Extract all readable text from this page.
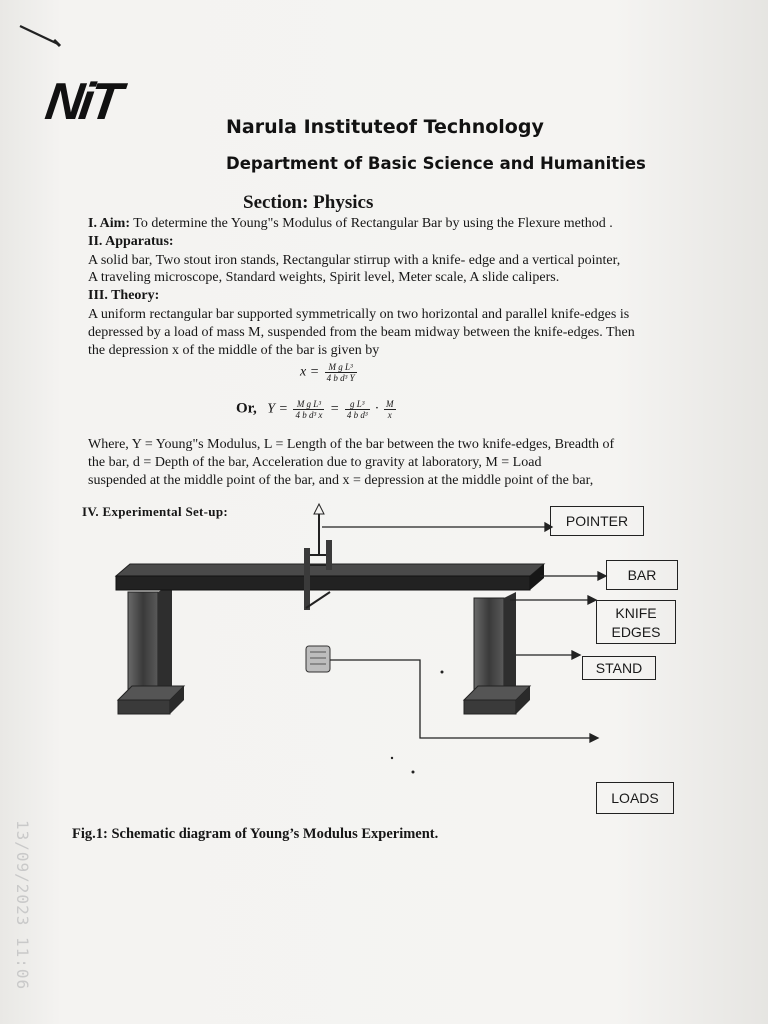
NiT	Narula Instituteof Technology
Department of Basic Science and Humanities
Section: Physics
I. Aim: To determine the Young"s Modulus of Rectangular Bar by using the Flexure method .
II. Apparatus:
A solid bar, Two stout iron stands, Rectangular stirrup with a knife- edge and a vertical pointer,
A traveling microscope, Standard weights, Spirit level, Meter scale, A slide calipers.
III. Theory:
A uniform rectangular bar supported symmetrically on two horizontal and parallel knife-edges is
depressed by a load of mass M, suspended from the beam midway between the knife-edges. Then
the depression x of the middle of the bar is given by
$x = \frac{\text{M g L³}}{\text{4 b d³ Y}}$
Or, $Y = \frac{\text{M g L³}}{\text{4 b d³ x}} = \frac{\text{g L³}}{\text{4 b d³}} \cdot \frac{M}{x}$
Where, Y = Young"s Modulus, L = Length of the bar between the two knife-edges, Breadth of
the bar, d = Depth of the bar, Acceleration due to gravity at laboratory, M = Load
suspended at the middle point of the bar, and x = depression at the middle point of the bar,
IV. Experimental Set-up:
POINTER
BAR
KNIFE
EDGES
STAND
LOADS
Fig.1: Schematic diagram of Young’s Modulus Experiment.
13/09/2023 11:06
